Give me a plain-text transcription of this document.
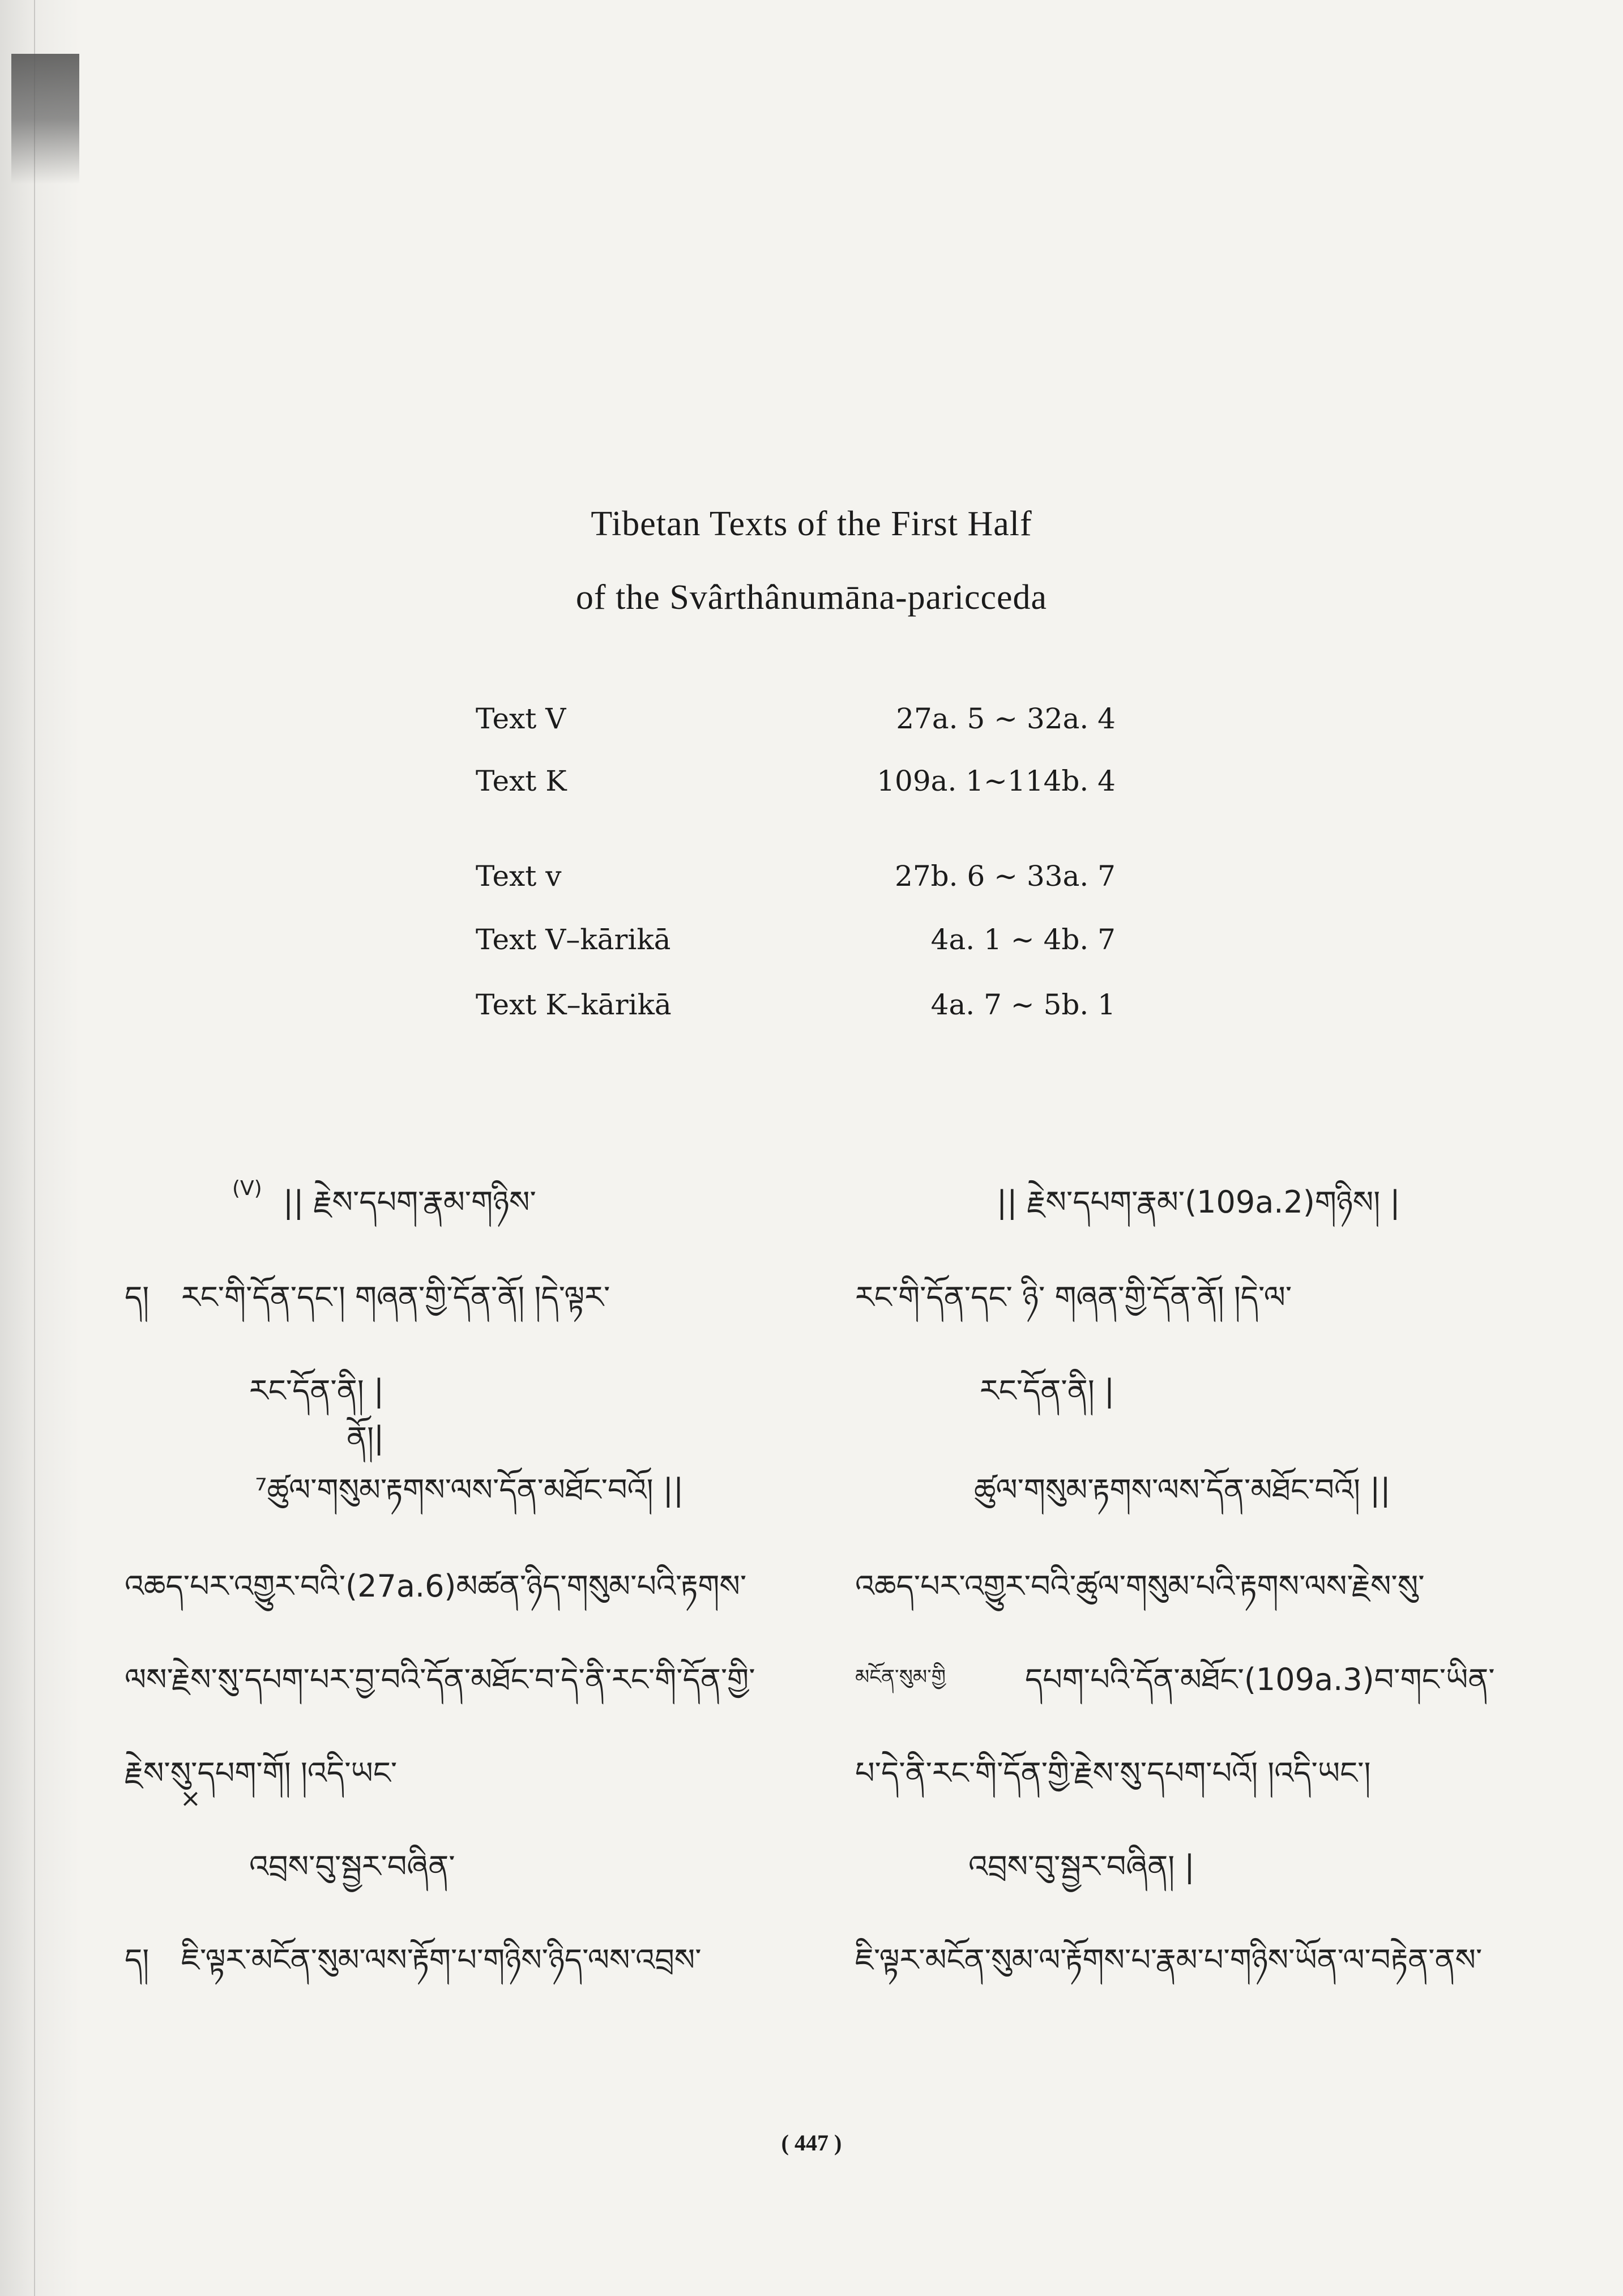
Tibetan Texts of the First Half
of the Svârthânumāna-paricceda
Text V	27a. 5 ∼ 32a. 4
Text K	109a. 1∼114b. 4
Text v	27b. 6 ∼ 33a. 7
Text V–kārikā	4a. 1 ∼ 4b. 7
Text K–kārikā	4a. 7 ∼ 5b. 1
(V) || རྗེས་དཔག་རྣམ་གཉིས་
ད། རང་གི་དོན་དང་། གཞན་གྱི་དོན་ནོ། །དེ་ལྟར་
རང་དོན་ནི། |
ནོ།|
⁷ཚུལ་གསུམ་རྟགས་ལས་དོན་མཐོང་བའོ། ||
འཆད་པར་འགྱུར་བའི་(27a.6)མཚན་ཉིད་གསུམ་པའི་རྟགས་
ལས་རྗེས་སུ་དཔག་པར་བྱ་བའི་དོན་མཐོང་བ་དེ་ནི་རང་གི་དོན་གྱི་
རྗེས་སུ་དཔག་གོ། །འདི་ཡང་
×
འབྲས་བུ་སྦྱར་བཞིན་
ད། ཇི་ལྟར་མངོན་སུམ་ལས་རྟོག་པ་གཉིས་ཉིད་ལས་འབྲས་
|| རྗེས་དཔག་རྣམ་(109a.2)གཉིས། |
རང་གི་དོན་དང་ ཉི་ གཞན་གྱི་དོན་ནོ། །དེ་ལ་
རང་དོན་ནི། |
ཚུལ་གསུམ་རྟགས་ལས་དོན་མཐོང་བའོ། ||
འཆད་པར་འགྱུར་བའི་ཚུལ་གསུམ་པའི་རྟགས་ལས་རྗེས་སུ་
མངོན་སུམ་གྱི	དཔག་པའི་དོན་མཐོང་(109a.3)བ་གང་ཡིན་
པ་དེ་ནི་རང་གི་དོན་གྱི་རྗེས་སུ་དཔག་པའོ། །འདི་ཡང་།
འབྲས་བུ་སྦྱར་བཞིན། |
ཇི་ལྟར་མངོན་སུམ་ལ་རྟོགས་པ་རྣམ་པ་གཉིས་ཡོན་ལ་བརྟེན་ནས་
( 447 )
